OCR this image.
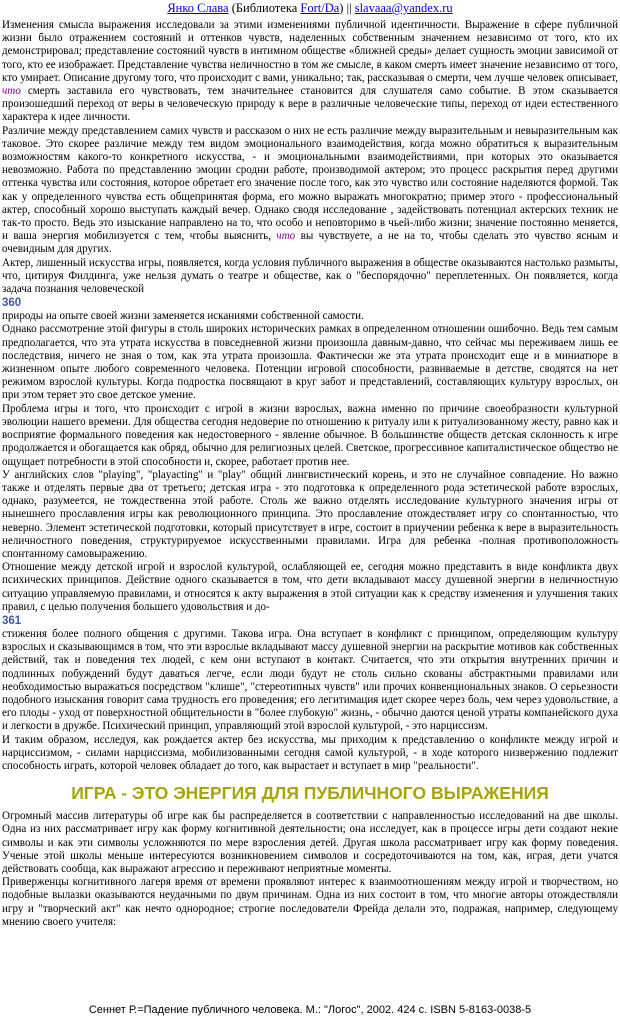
Янко Слава (Библиотека Fort/Da) || slavaaa@yandex.ru

Изменения смысла выражения исследовали за этими изменениями публичной идентичности. Выражение в сфере публичной жизни было отражением состояний и оттенков чувств, наделенных собственным значением независимо от того, кто их демонстрировал; представление состояний чувств в интимном обществе «ближней среды» делает сущность эмоции зависимой от того, кто ее изображает. Представление чувства неличностно в том же смысле, в каком смерть имеет значение независимо от того, кто умирает. Описание другому того, что происходит с вами, уникально; так, рассказывая о смерти, чем лучше человек описывает, что смерть заставила его чувствовать, тем значительнее становится для слушателя само событие. В этом сказывается произошедший переход от веры в человеческую природу к вере в различные человеческие типы, переход от идеи естественного характера к идее личности.

Различие между представлением самих чувств и рассказом о них не есть различие между выразительным и невыразительным как таковое. Это скорее различие между тем видом эмоционального взаимодействия, когда можно обратиться к выразительным возможностям какого-то конкретного искусства, - и эмоциональными взаимодействиями, при которых это оказывается невозможно. Работа по представлению эмоции сродни работе, производимой актером; это процесс раскрытия перед другими оттенка чувства или состояния, которое обретает его значение после того, как это чувство или состояние наделяются формой. Так как у определенного чувства есть общепринятая форма, его можно выражать многократно; пример этого - профессиональный актер, способный хорошо выступать каждый вечер. Однако сводя исследование , задействовать потенциал актерских техник не так-то просто. Ведь это изыскание направлено на то, что особо и неповторимо в чьей-либо жизни; значение постоянно меняется, и ваша энергия мобилизуется с тем, чтобы выяснить, что вы чувствуете, а не на то, чтобы сделать это чувство ясным и очевидным для других.

Актер, лишенный искусства игры, появляется, когда условия публичного выражения в обществе оказываются настолько размыты, что, цитируя Филдинга, уже нельзя думать о театре и обществе, как о "беспорядочно" переплетенных. Он появляется, когда задача познания человеческой

360

природы на опыте своей жизни заменяется исканиями собственной самости.

Однако рассмотрение этой фигуры в столь широких исторических рамках в определенном отношении ошибочно. Ведь тем самым предполагается, что эта утрата искусства в повседневной жизни произошла давным-давно, что сейчас мы переживаем лишь ее последствия, ничего не зная о том, как эта утрата произошла. Фактически же эта утрата происходит еще и в миниатюре в жизненном опыте любого современного человека. Потенции игровой способности, развиваемые в детстве, сводятся на нет режимом взрослой культуры. Когда подростка посвящают в круг забот и представлений, составляющих культуру взрослых, он при этом теряет это свое детское умение.

Проблема игры и того, что происходит с игрой в жизни взрослых, важна именно по причине своеобразности культурной эволюции нашего времени. Для общества сегодня недоверие по отношению к ритуалу или к ритуализованному жесту, равно как и восприятие формального поведения как недостоверного - явление обычное. В большинстве обществ детская склонность к игре продолжается и обогащается как обряд, обычно для религиозных целей. Светское, прогрессивное капиталистическое общество не ощущает потребности в этой способности и, скорее, работает против нее.

У английских слов "playing", "playacting" и "play" общий лингвистический корень, и это не случайное совпадение. Но важно также и отделять первые два от третьего; детская игра - это подготовка к определенного рода эстетической работе взрослых, однако, разумеется, не тождественна этой работе. Столь же важно отделять исследование культурного значения игры от нынешнего прославления игры как революционного принципа. Это прославление отождествляет игру со спонтанностью, что неверно. Элемент эстетической подготовки, который присутствует в игре, состоит в приучении ребенка к вере в выразительность неличностного поведения, структурируемое искусственными правилами. Игра для ребенка -полная противоположность спонтанному самовыражению.

Отношение между детской игрой и взрослой культурой, ослабляющей ее, сегодня можно представить в виде конфликта двух психических принципов. Действие одного сказывается в том, что дети вкладывают массу душевной энергии в неличностную ситуацию управляемую правилами, и относятся к акту выражения в этой ситуации как к средству изменения и улучшения таких правил, с целью получения большего удовольствия и до-

361

стижения более полного общения с другими. Такова игра. Она вступает в конфликт с принципом, определяющим культуру взрослых и сказывающимся в том, что эти взрослые вкладывают массу душевной энергии на раскрытие мотивов как собственных действий, так и поведения тех людей, с кем они вступают в контакт. Считается, что эти открытия внутренних причин и подлинных побуждений будут даваться легче, если люди будут не столь сильно скованы абстрактными правилами или необходимостью выражаться посредством "клише", "стереотипных чувств" или прочих конвенциональных знаков. О серьезности подобного изыскания говорит сама трудность его проведения; его легитимация идет скорее через боль, чем через удовольствие, а его плоды - уход от поверхностной общительности в "более глубокую" жизнь, - обычно даются ценой утраты компанейского духа и легкости в дружбе. Психический принцип, управляющий этой взрослой культурой, - это нарциссизм.

И таким образом, исследуя, как рождается актер без искусства, мы приходим к представлению о конфликте между игрой и нарциссизмом, - силами нарциссизма, мобилизованными сегодня самой культурой, - в ходе которого низвержению подлежит способность играть, которой человек обладает до того, как вырастает и вступает в мир "реальности".

ИГРА - ЭТО ЭНЕРГИЯ ДЛЯ ПУБЛИЧНОГО ВЫРАЖЕНИЯ

Огромный массив литературы об игре как бы распределяется в соответствии с направленностью исследований на две школы. Одна из них рассматривает игру как форму когнитивной деятельности; она исследует, как в процессе игры дети создают некие символы и как эти символы усложняются по мере взросления детей. Другая школа рассматривает игру как форму поведения. Ученые этой школы меньше интересуются возникновением символов и сосредоточиваются на том, как, играя, дети учатся действовать сообща, как выражают агрессию и переживают неприятные моменты.

Приверженцы когнитивного лагеря время от времени проявляют интерес к взаимоотношениям между игрой и творчеством, но подобные вылазки оказываются неудачными по двум причинам. Одна из них состоит в том, что многие авторы отождествляли игру и "творческий акт" как нечто однородное; строгие последователи Фрейда делали это, подражая, например, следующему мнению своего учителя:

Сеннет Р.=Падение публичного человека. М.: "Логос", 2002. 424 с. ISBN 5-8163-0038-5
